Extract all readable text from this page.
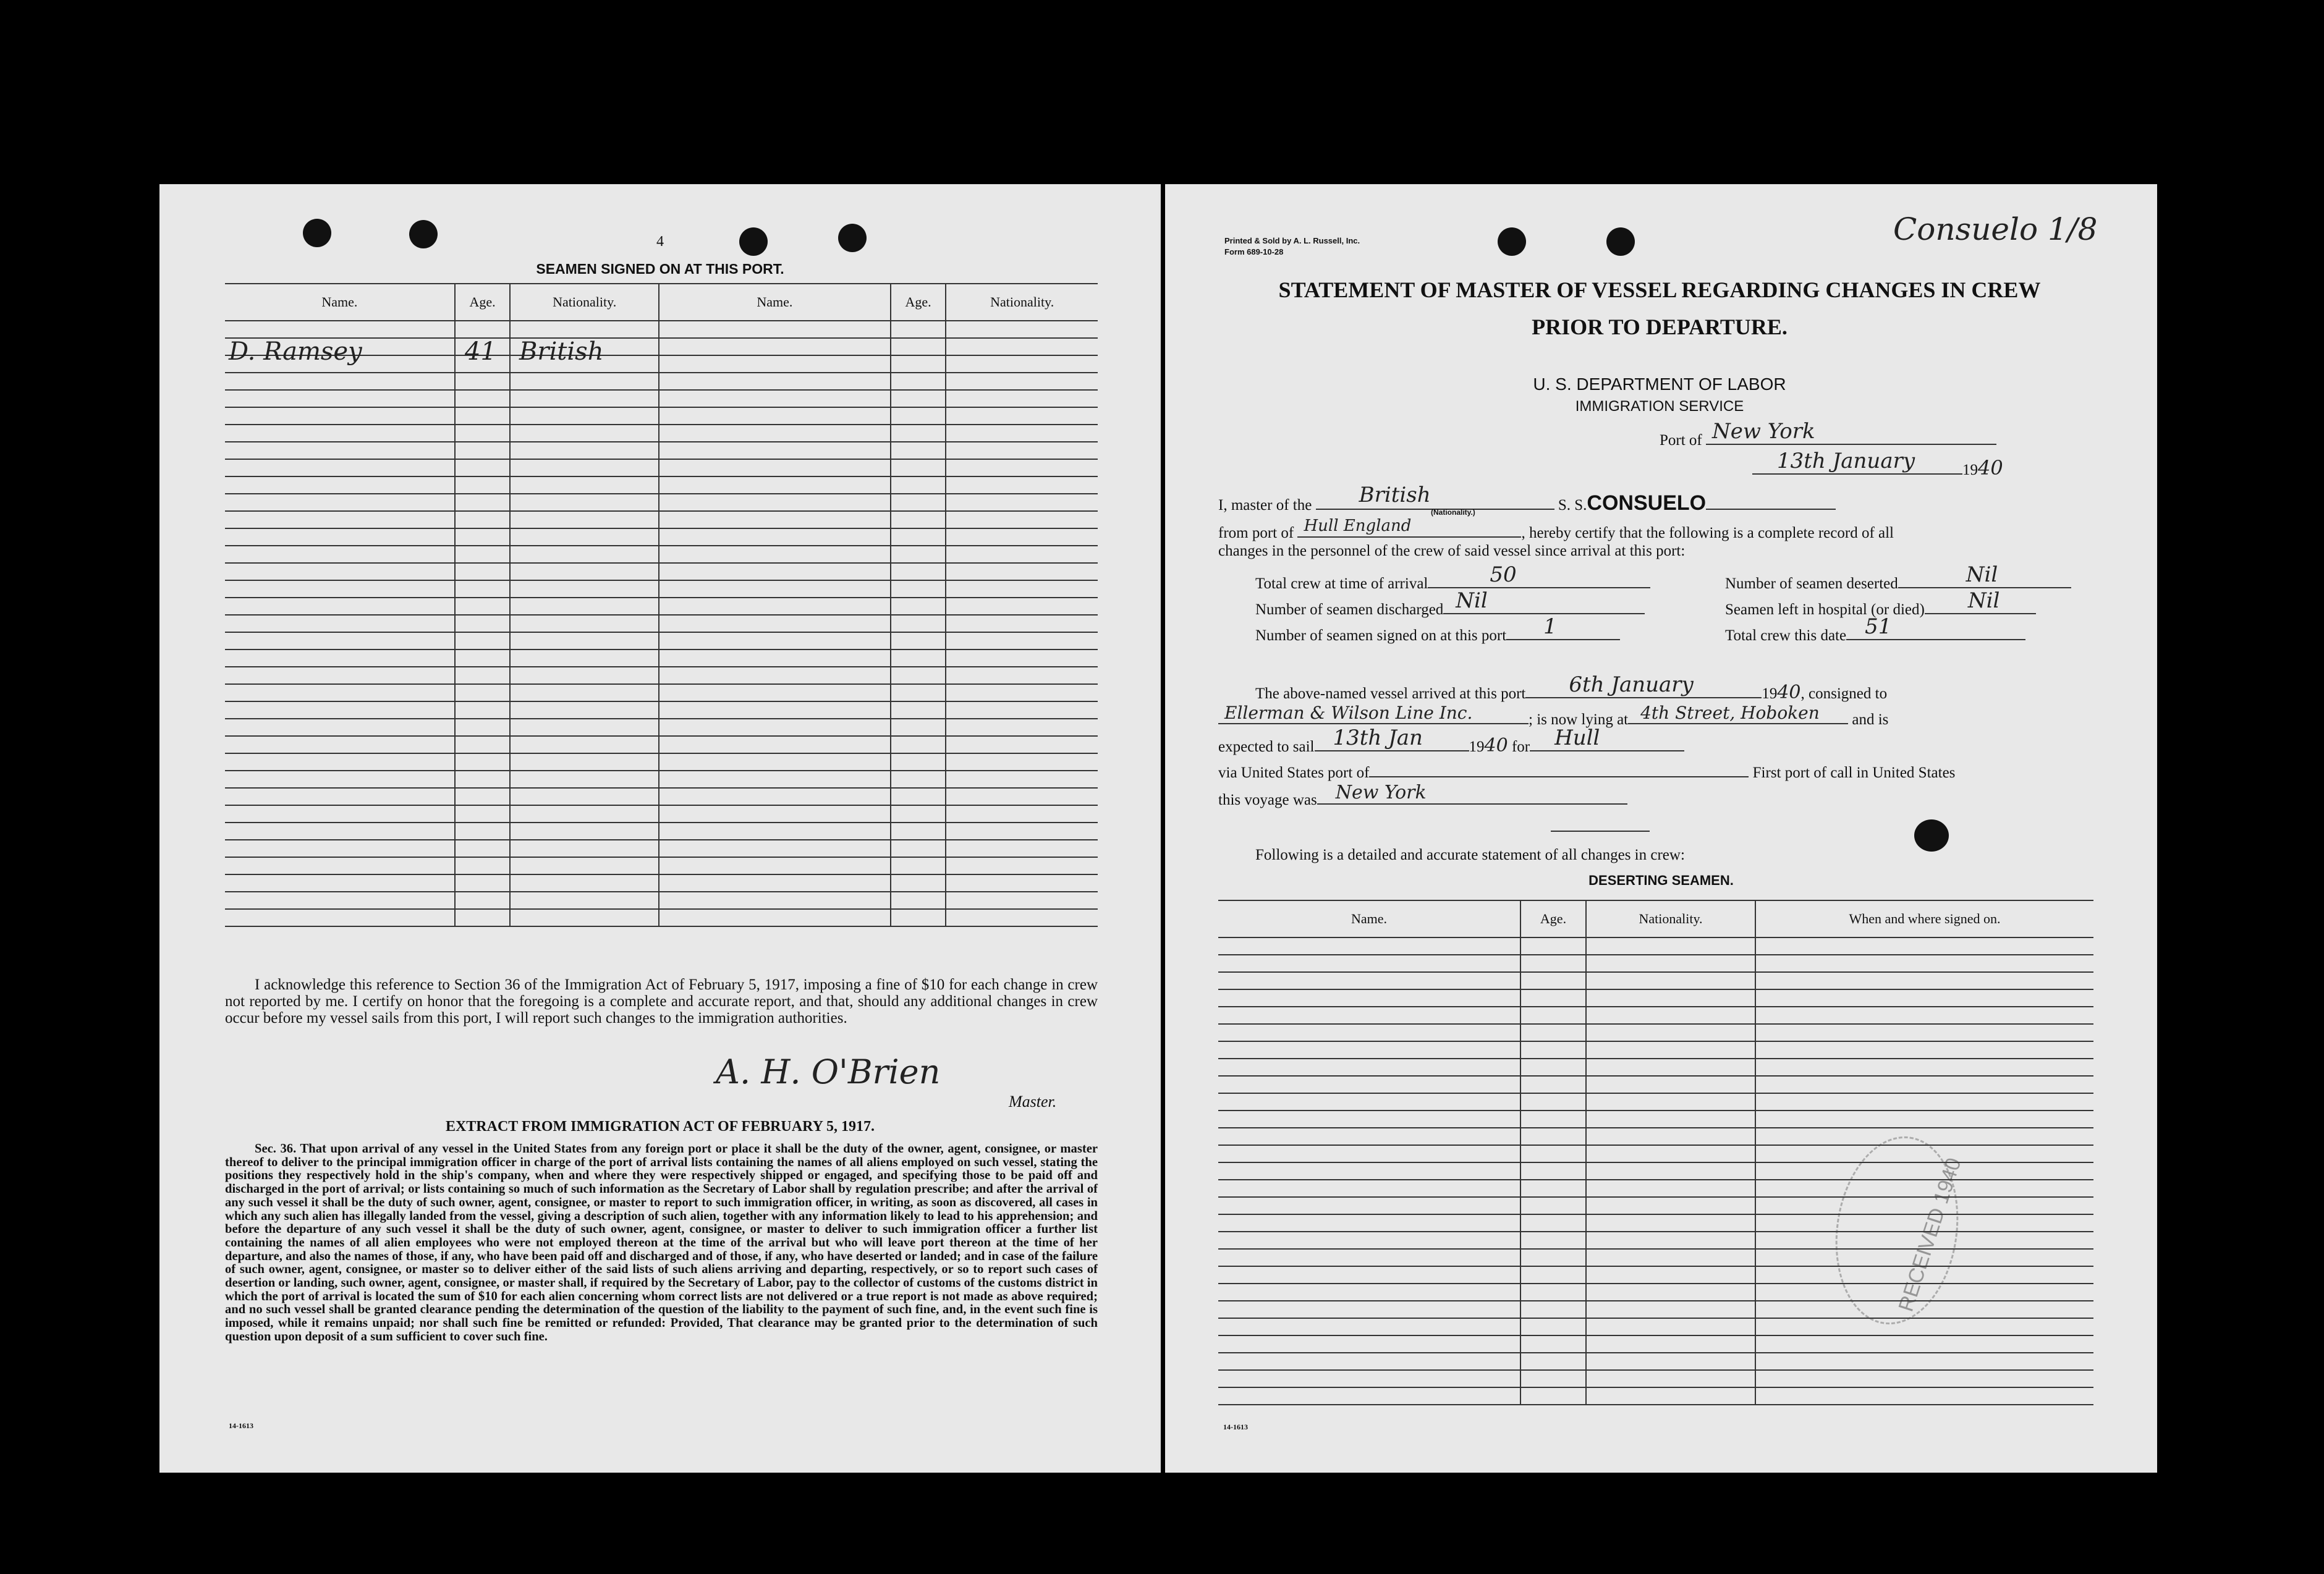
4
SEAMEN SIGNED ON AT THIS PORT.
Name.	Age.	Nationality.	Name.	Age.	Nationality.

D. Ramsey	41 British
I acknowledge this reference to Section 36 of the Immigration Act of February 5, 1917, imposing a fine of $10 for each change in crew not reported by me. I certify on honor that the foregoing is a complete and accurate report, and that, should any additional changes in crew occur before my vessel sails from this port, I will report such changes to the immigration authorities.
A. H. O'Brien
Master.
EXTRACT FROM IMMIGRATION ACT OF FEBRUARY 5, 1917.
Sec. 36. That upon arrival of any vessel in the United States from any foreign port or place it shall be the duty of the owner, agent, consignee, or master thereof to deliver to the principal immigration officer in charge of the port of arrival lists containing the names of all aliens employed on such vessel, stating the positions they respectively hold in the ship's company, when and where they were respectively shipped or engaged, and specifying those to be paid off and discharged in the port of arrival; or lists containing so much of such information as the Secretary of Labor shall by regulation prescribe; and after the arrival of any such vessel it shall be the duty of such owner, agent, consignee, or master to report to such immigration officer, in writing, as soon as discovered, all cases in which any such alien has illegally landed from the vessel, giving a description of such alien, together with any information likely to lead to his apprehension; and before the departure of any such vessel it shall be the duty of such owner, agent, consignee, or master to deliver to such immigration officer a further list containing the names of all alien employees who were not employed thereon at the time of the arrival but who will leave port thereon at the time of her departure, and also the names of those, if any, who have been paid off and discharged and of those, if any, who have deserted or landed; and in case of the failure of such owner, agent, consignee, or master so to deliver either of the said lists of such aliens arriving and departing, respectively, or so to report such cases of desertion or landing, such owner, agent, consignee, or master shall, if required by the Secretary of Labor, pay to the collector of customs of the customs district in which the port of arrival is located the sum of $10 for each alien concerning whom correct lists are not delivered or a true report is not made as above required; and no such vessel shall be granted clearance pending the determination of the question of the liability to the payment of such fine, and, in the event such fine is imposed, while it remains unpaid; nor shall such fine be remitted or refunded: Provided, That clearance may be granted prior to the determination of such question upon deposit of a sum sufficient to cover such fine.
14-1613
Printed & Sold by A. L. Russell, Inc.
Form 689-10-28
Consuelo 1/8
STATEMENT OF MASTER OF VESSEL REGARDING CHANGES IN CREW
PRIOR TO DEPARTURE.
U. S. DEPARTMENT OF LABOR
IMMIGRATION SERVICE
Port of New York
13th January	1940
I, master of the British	S. S.CONSUELO
(Nationality.)
from port of Hull England	, hereby certify that the following is a complete record of all
changes in the personnel of the crew of said vessel since arrival at this port:
Total crew at time of arrival	50	Number of seamen deserted	Nil
Number of seamen discharged Nil	Seamen left in hospital (or died) Nil
Number of seamen signed on at this port 1	Total crew this date 51
The above-named vessel arrived at this port 6th January	1940, consigned to
Ellerman & Wilson Line Inc.	; is now lying at 4th Street, Hoboken and is
expected to sail 13th Jan	1940 for Hull
via United States port of	First port of call in United States
this voyage was New York
Following is a detailed and accurate statement of all changes in crew:
DESERTING SEAMEN.
Name.	Age.	Nationality.	When and where signed on.

RECEIVED 1940
14-1613
